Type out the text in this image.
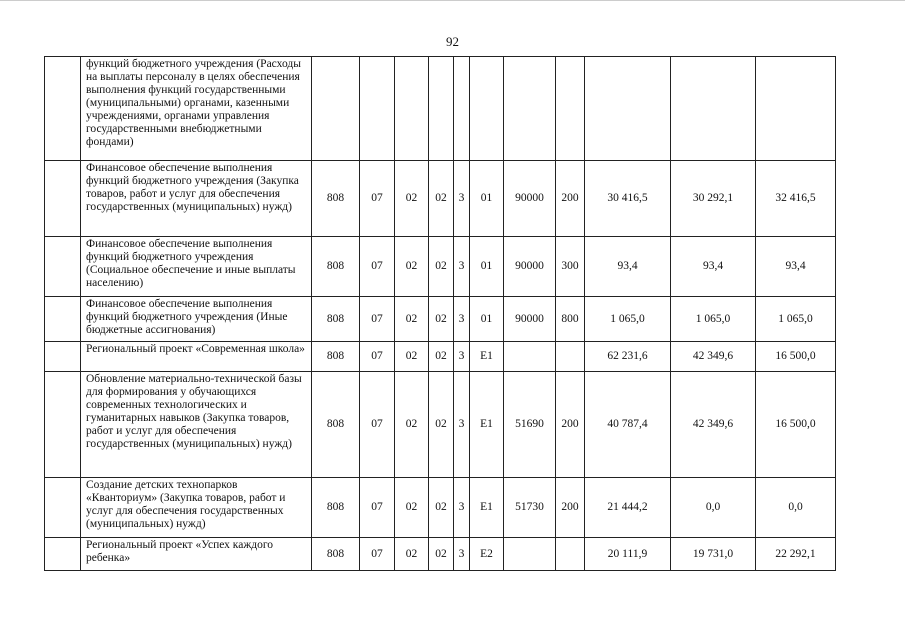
92
	функций бюджетного учреждения (Расходы на выплаты персоналу в целях обеспечения выполнения функций государственными (муниципальными) органами, казенными учреждениями, органами управления государственными внебюджетными фондами)											
	Финансовое обеспечение выполнения функций бюджетного учреждения (Закупка товаров, работ и услуг для обеспечения государственных (муниципальных) нужд)	808	07	02	02	3	01	90000	200	30 416,5	30 292,1	32 416,5
	Финансовое обеспечение выполнения функций бюджетного учреждения (Социальное обеспечение и иные выплаты населению)	808	07	02	02	3	01	90000	300	93,4	93,4	93,4
	Финансовое обеспечение выполнения функций бюджетного учреждения (Иные бюджетные ассигнования)	808	07	02	02	3	01	90000	800	1 065,0	1 065,0	1 065,0
	Региональный проект «Современная школа»	808	07	02	02	3	E1			62 231,6	42 349,6	16 500,0
	Обновление материально-технической базы для формирования у обучающихся современных технологических и гуманитарных навыков (Закупка товаров, работ и услуг для обеспечения государственных (муниципальных) нужд)	808	07	02	02	3	E1	51690	200	40 787,4	42 349,6	16 500,0
	Создание детских технопарков «Кванториум» (Закупка товаров, работ и услуг для обеспечения государственных (муниципальных) нужд)	808	07	02	02	3	E1	51730	200	21 444,2	0,0	0,0
	Региональный проект «Успех каждого ребенка»	808	07	02	02	3	E2			20 111,9	19 731,0	22 292,1
